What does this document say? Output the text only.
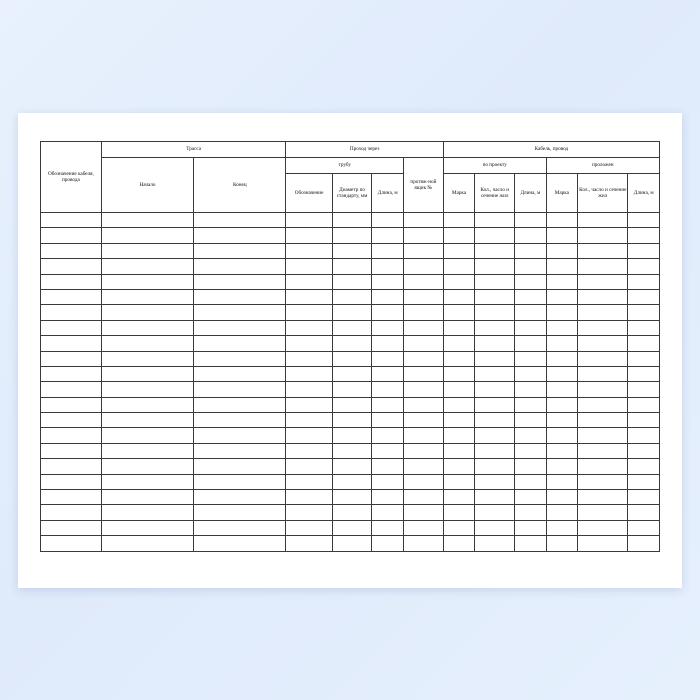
Обозначение кабеля, провода	Трасса		Проход через				Кабель, провод					
	Начало	Конец	трубу			протяж-ной ящик №	по проекту			проложен		
			Обозначение	Диаметр по стандарту, мм	Длина, м		Марка	Кол., часло и сечение жил	Длина, м	Марка	Кол., часло и сечение жил	Длина, м
